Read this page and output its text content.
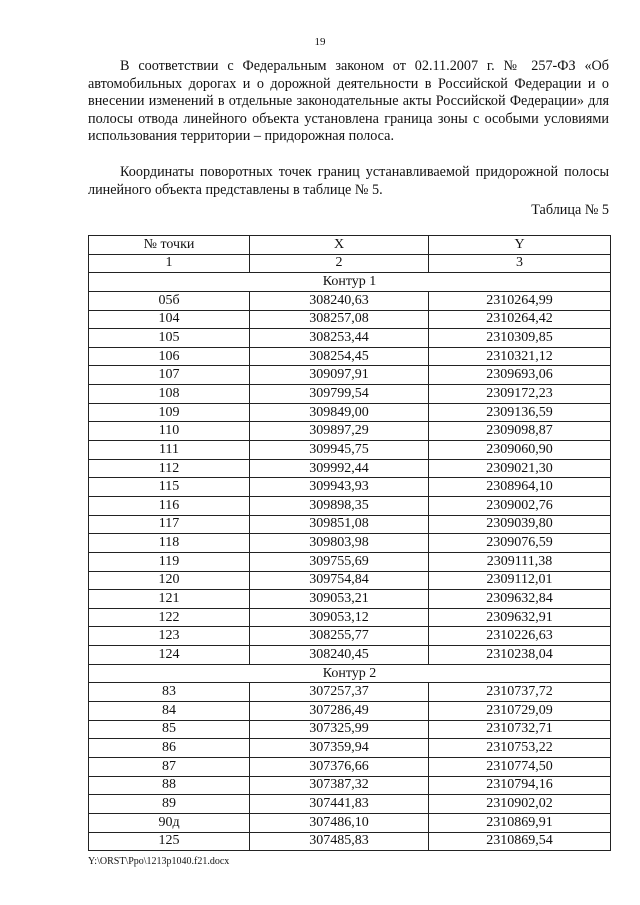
19

В соответствии с Федеральным законом от 02.11.2007 г. № 257-ФЗ «Об автомобильных дорогах и о дорожной деятельности в Российской Федерации и о внесении изменений в отдельные законодательные акты Российской Федерации» для полосы отвода линейного объекта установлена граница зоны с особыми условиями использования территории – придорожная полоса.

Координаты поворотных точек границ устанавливаемой придорожной полосы линейного объекта представлены в таблице № 5.

Таблица № 5
№ точки	X	Y
1	2	3
Контур 1		
05б	308240,63	2310264,99
104	308257,08	2310264,42
105	308253,44	2310309,85
106	308254,45	2310321,12
107	309097,91	2309693,06
108	309799,54	2309172,23
109	309849,00	2309136,59
110	309897,29	2309098,87
111	309945,75	2309060,90
112	309992,44	2309021,30
115	309943,93	2308964,10
116	309898,35	2309002,76
117	309851,08	2309039,80
118	309803,98	2309076,59
119	309755,69	2309111,38
120	309754,84	2309112,01
121	309053,21	2309632,84
122	309053,12	2309632,91
123	308255,77	2310226,63
124	308240,45	2310238,04
Контур 2		
83	307257,37	2310737,72
84	307286,49	2310729,09
85	307325,99	2310732,71
86	307359,94	2310753,22
87	307376,66	2310774,50
88	307387,32	2310794,16
89	307441,83	2310902,02
90д	307486,10	2310869,91
125	307485,83	2310869,54
Y:\ORST\Ppo\1213p1040.f21.docx
